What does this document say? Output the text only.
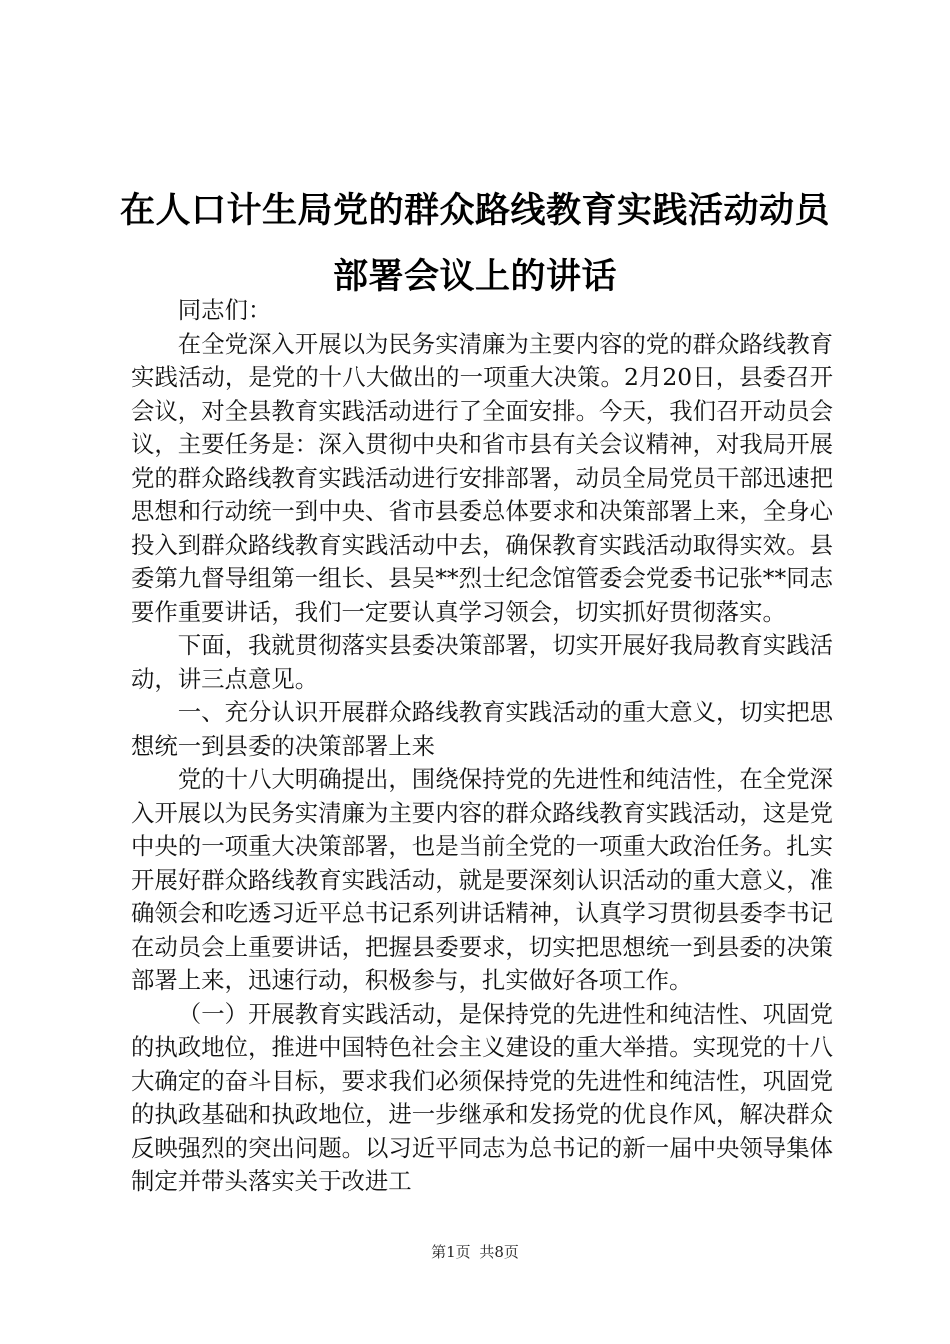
在人口计生局党的群众路线教育实践活动动员
部署会议上的讲话

同志们：

在全党深入开展以为民务实清廉为主要内容的党的群众路线教育实践活动，是党的十八大做出的一项重大决策。2月20日，县委召开会议，对全县教育实践活动进行了全面安排。今天，我们召开动员会议，主要任务是：深入贯彻中央和省市县有关会议精神，对我局开展党的群众路线教育实践活动进行安排部署，动员全局党员干部迅速把思想和行动统一到中央、省市县委总体要求和决策部署上来，全身心投入到群众路线教育实践活动中去，确保教育实践活动取得实效。县委第九督导组第一组长、县吴**烈士纪念馆管委会党委书记张**同志要作重要讲话，我们一定要认真学习领会，切实抓好贯彻落实。

下面，我就贯彻落实县委决策部署，切实开展好我局教育实践活动，讲三点意见。

一、充分认识开展群众路线教育实践活动的重大意义，切实把思想统一到县委的决策部署上来

党的十八大明确提出，围绕保持党的先进性和纯洁性，在全党深入开展以为民务实清廉为主要内容的群众路线教育实践活动，这是党中央的一项重大决策部署，也是当前全党的一项重大政治任务。扎实开展好群众路线教育实践活动，就是要深刻认识活动的重大意义，准确领会和吃透习近平总书记系列讲话精神，认真学习贯彻县委李书记在动员会上重要讲话，把握县委要求，切实把思想统一到县委的决策部署上来，迅速行动，积极参与，扎实做好各项工作。

（一）开展教育实践活动，是保持党的先进性和纯洁性、巩固党的执政地位，推进中国特色社会主义建设的重大举措。实现党的十八大确定的奋斗目标，要求我们必须保持党的先进性和纯洁性，巩固党的执政基础和执政地位，进一步继承和发扬党的优良作风，解决群众反映强烈的突出问题。以习近平同志为总书记的新一届中央领导集体制定并带头落实关于改进工

第1页 共8页
